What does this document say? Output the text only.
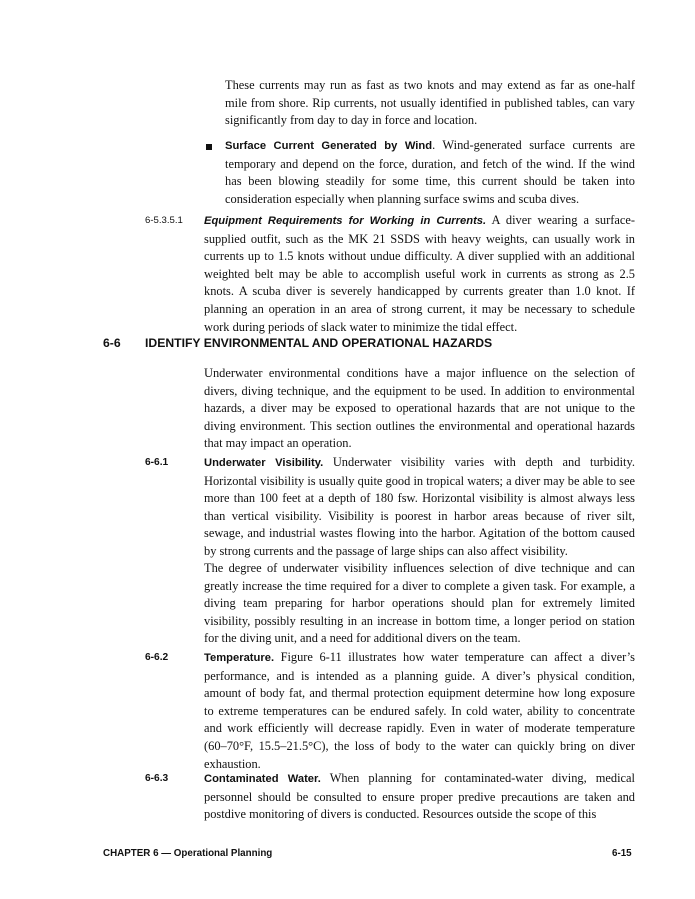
These currents may run as fast as two knots and may extend as far as one-half mile from shore. Rip currents, not usually identified in published tables, can vary significantly from day to day in force and location.

Surface Current Generated by Wind. Wind-generated surface currents are temporary and depend on the force, duration, and fetch of the wind. If the wind has been blowing steadily for some time, this current should be taken into consideration especially when planning surface swims and scuba dives.

6-5.3.5.1 Equipment Requirements for Working in Currents. A diver wearing a surface-supplied outfit, such as the MK 21 SSDS with heavy weights, can usually work in currents up to 1.5 knots without undue difficulty. A diver supplied with an additional weighted belt may be able to accomplish useful work in currents as strong as 2.5 knots. A scuba diver is severely handicapped by currents greater than 1.0 knot. If planning an operation in an area of strong current, it may be necessary to schedule work during periods of slack water to minimize the tidal effect.

6-6 IDENTIFY ENVIRONMENTAL AND OPERATIONAL HAZARDS

Underwater environmental conditions have a major influence on the selection of divers, diving technique, and the equipment to be used. In addition to environmental hazards, a diver may be exposed to operational hazards that are not unique to the diving environment. This section outlines the environmental and operational hazards that may impact an operation.

6-6.1	Underwater Visibility. Underwater visibility varies with depth and turbidity. Horizontal visibility is usually quite good in tropical waters; a diver may be able to see more than 100 feet at a depth of 180 fsw. Horizontal visibility is almost always less than vertical visibility. Visibility is poorest in harbor areas because of river silt, sewage, and industrial wastes flowing into the harbor. Agitation of the bottom caused by strong currents and the passage of large ships can also affect visibility.

The degree of underwater visibility influences selection of dive technique and can greatly increase the time required for a diver to complete a given task. For example, a diving team preparing for harbor operations should plan for extremely limited visibility, possibly resulting in an increase in bottom time, a longer period on station for the diving unit, and a need for additional divers on the team.

6-6.2	Temperature. Figure 6-11 illustrates how water temperature can affect a diver’s performance, and is intended as a planning guide. A diver’s physical condition, amount of body fat, and thermal protection equipment determine how long exposure to extreme temperatures can be endured safely. In cold water, ability to concentrate and work efficiently will decrease rapidly. Even in water of moderate temperature (60–70°F, 15.5–21.5°C), the loss of body to the water can quickly bring on diver exhaustion.

6-6.3	Contaminated Water. When planning for contaminated-water diving, medical personnel should be consulted to ensure proper predive precautions are taken and postdive monitoring of divers is conducted. Resources outside the scope of this

CHAPTER 6 — Operational Planning	6-15
